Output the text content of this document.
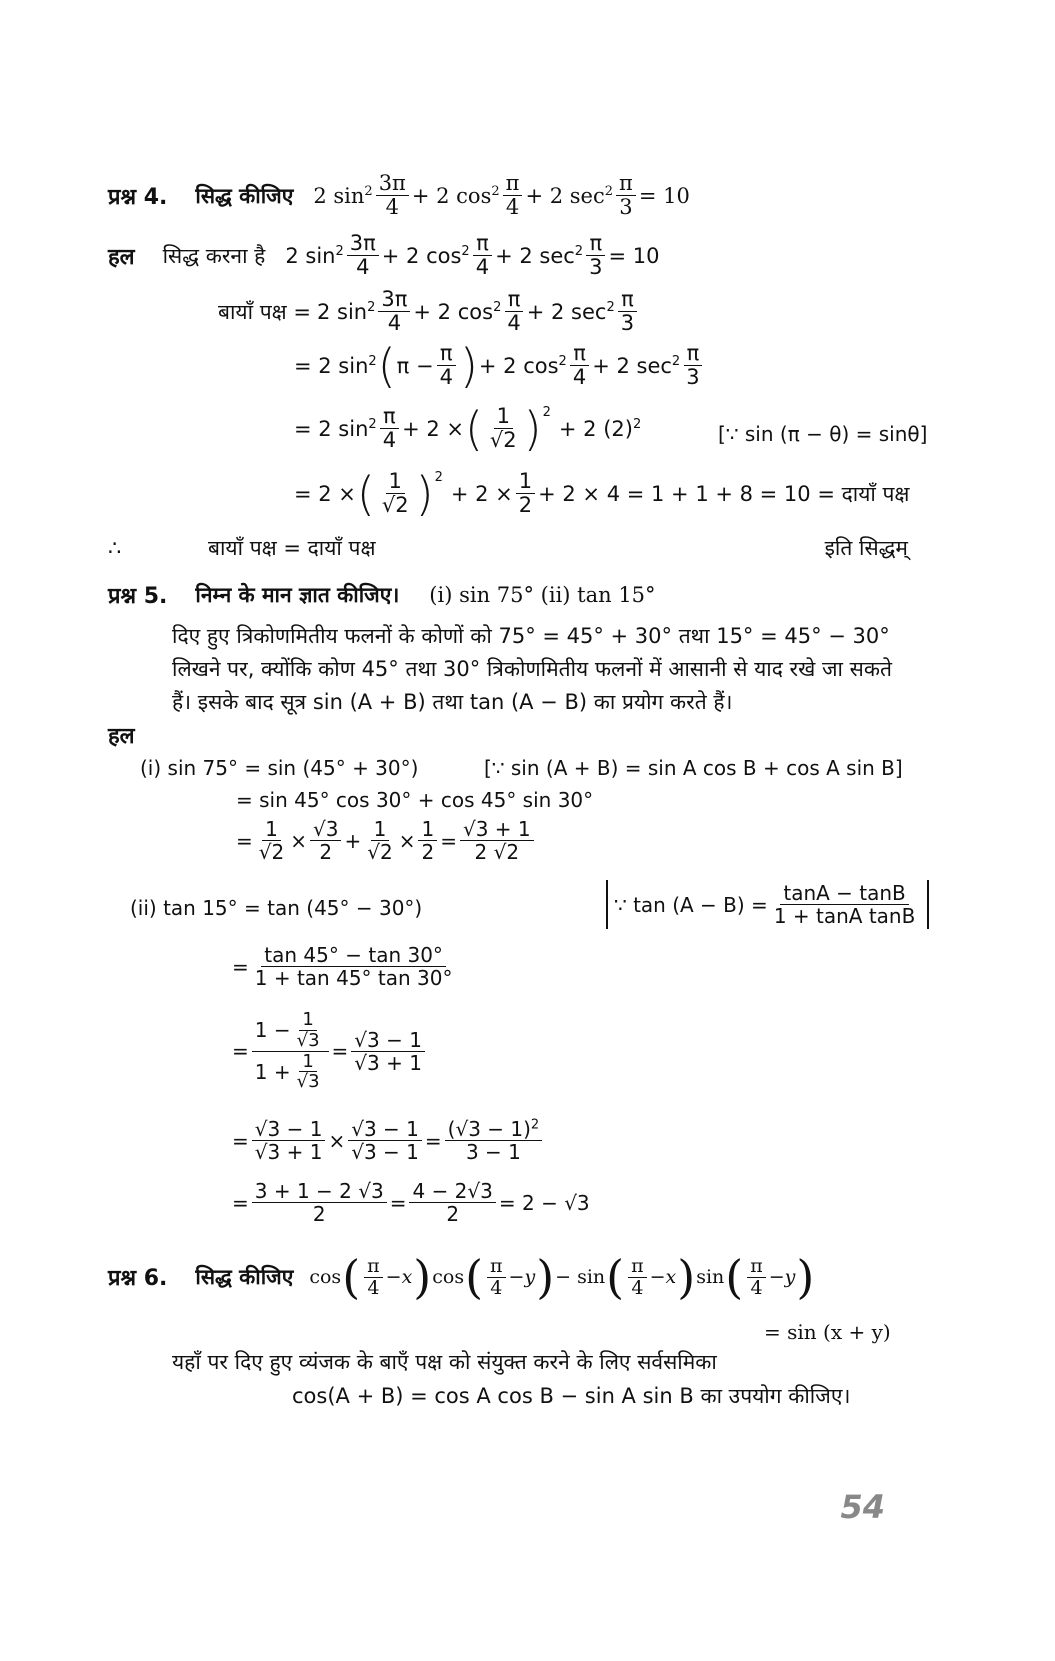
प्रश्न 4. सिद्ध कीजिए 2 $\sin^2 \frac{3\pi}{4} + 2$ $\cos^2 \frac{\pi}{4} + 2$ $\sec^2 \frac{\pi}{3} = 10$
हल सिद्ध करना है 2 $\sin^2 \frac{3\pi}{4} + 2$ $\cos^2 \frac{\pi}{4} + 2$ $\sec^2 \frac{\pi}{3} = 10$
बायाँ पक्ष = 2 $\sin^2 \frac{3\pi}{4} + 2$ $\cos^2 \frac{\pi}{4} + 2$ $\sec^2 \frac{\pi}{3}$
= 2 $\sin^2$ ( $\pi - \frac{\pi}{4}$ ) + 2 $\cos^2 \frac{\pi}{4} + 2$ $\sec^2 \frac{\pi}{3}$
= 2 $\sin^2 \frac{\pi}{4} + 2$ × ( $\frac{1}{√2} )^2$
+ 2 $(2)^2$	[∵ sin (π − θ) = sinθ]
= 2 × ( $\frac{1}{√2} )^2$
+ $2 \times \frac{1}{2} + 2 \times 4 = 1 + 1 + 8 = 10$ = दायाँ पक्ष
∴	बायाँ पक्ष = दायाँ पक्ष	इति सिद्धम्
प्रश्न 5. निम्न के मान ज्ञात कीजिए। (i) sin 75° (ii) tan 15°
दिए हुए त्रिकोणमितीय फलनों के कोणों को 75° = 45° + 30° तथा 15° = 45° − 30° लिखने पर, क्योंकि कोण 45° तथा 30° त्रिकोणमितीय फलनों में आसानी से याद रखे जा सकते हैं। इसके बाद सूत्र sin (A + B) तथा tan (A − B) का प्रयोग करते हैं।
हल
(i) sin 75° = sin (45° + 30°)	[∵ sin (A + B) = sin A cos B + cos A sin B]
= sin 45° cos 30° + cos 45° sin 30°
= $\frac{1}{√2} \times \frac{√3}{2} + \frac{1}{√2} \times \frac{1}{2} = \frac{√3 + 1}{2 √2}$
(ii) tan 15° = tan (45° − 30°)	∵ $\tan (A - B) = \frac{\tan A - \tan B}{\text{1 + tanA tanB}}$
= $\frac{\tan 45^\circ - \tan 30^\circ}{1 + \tan 45^\circ \tan 30^\circ}$
= $\frac{1 - \frac{1}{√3}}{1 + \frac{1}{√3}} = \frac{√3 - 1}{√3 + 1}$
= $\frac{√3 - 1}{√3 + 1} \times \frac{√3 - 1}{√3 - 1} = \frac{(√3 - 1)^2}{3 - 1}$
= $\frac{3 + 1 - 2 √3}{2} = \frac{4 - 2√3}{2} = 2 - √3$
प्रश्न 6. सिद्ध कीजिए cos ( $\frac{\pi}{4} - x$ ) cos ( $\frac{\pi}{4} - y$ ) − sin ( $\frac{\pi}{4} - x$ ) sin ( $\frac{\pi}{4} - y$ )
= sin (x + y)
यहाँ पर दिए हुए व्यंजक के बाएँ पक्ष को संयुक्त करने के लिए सर्वसमिका
cos(A + B) = cos A cos B − sin A sin B का उपयोग कीजिए।
54
